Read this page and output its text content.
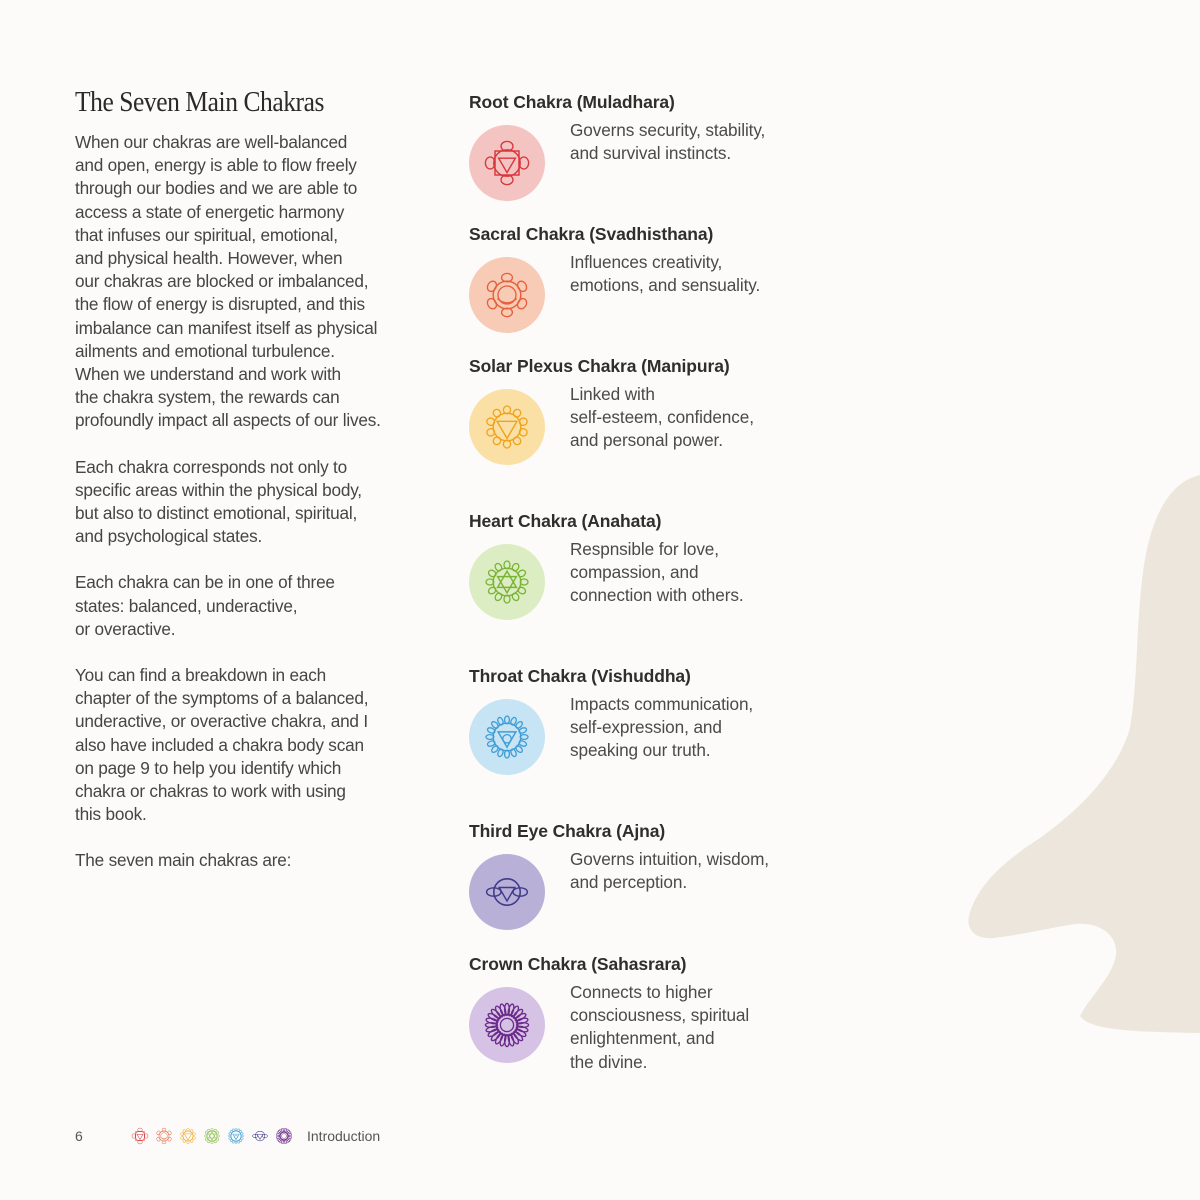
The Seven Main Chakras

When our chakras are well-balanced
and open, energy is able to flow freely
through our bodies and we are able to
access a state of energetic harmony
that infuses our spiritual, emotional,
and physical health. However, when
our chakras are blocked or imbalanced,
the flow of energy is disrupted, and this
imbalance can manifest itself as physical
ailments and emotional turbulence.
When we understand and work with
the chakra system, the rewards can
profoundly impact all aspects of our lives.

Each chakra corresponds not only to
specific areas within the physical body,
but also to distinct emotional, spiritual,
and psychological states.

Each chakra can be in one of three
states: balanced, underactive,
or overactive.

You can find a breakdown in each
chapter of the symptoms of a balanced,
underactive, or overactive chakra, and I
also have included a chakra body scan
on page 9 to help you identify which
chakra or chakras to work with using
this book.

The seven main chakras are:

Root Chakra (Muladhara)
Governs security, stability,
and survival instincts.
Sacral Chakra (Svadhisthana)
Influences creativity,
emotions, and sensuality.
Solar Plexus Chakra (Manipura)
Linked with
self-esteem, confidence,
and personal power.
Heart Chakra (Anahata)
Respnsible for love,
compassion, and
connection with others.
Throat Chakra (Vishuddha)
Impacts communication,
self-expression, and
speaking our truth.
Third Eye Chakra (Ajna)
Governs intuition, wisdom,
and perception.
Crown Chakra (Sahasrara)
Connects to higher
consciousness, spiritual
enlightenment, and
the divine.
6	Introduction
